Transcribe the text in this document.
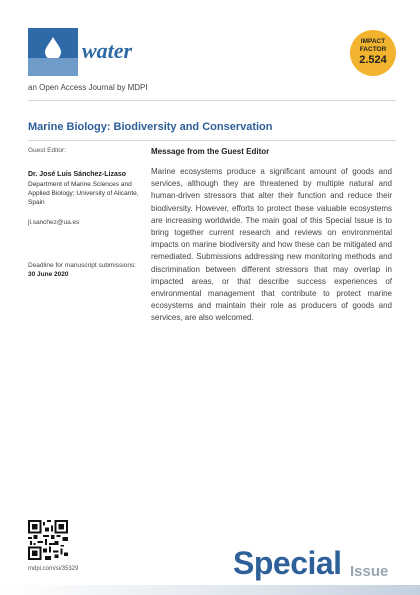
water	IMPACT
FACTOR
2.524
an Open Access Journal by MDPI
Marine Biology: Biodiversity and Conservation
Guest Editor:
Dr. José Luis Sánchez-Lizaso
Department of Marine Sciences and Applied Biology; University of Alicante, Spain
jl.sanchez@ua.es
Deadline for manuscript submissions:
30 June 2020
Message from the Guest Editor
Marine ecosystems produce a significant amount of goods and services, although they are threatened by multiple natural and human-driven stressors that alter their function and reduce their biodiversity. However, efforts to protect these valuable ecosystems are increasing worldwide. The main goal of this Special Issue is to bring together current research and reviews on environmental impacts on marine biodiversity and how these can be mitigated and remediated. Submissions addressing new monitoring methods and discrimination between different stressors that may overlap in impacted areas, or that describe success experiences of environmental management that contribute to protect marine ecosystems and maintain their role as producers of goods and services, are also welcomed.
mdpi.com/si/35329	Special Issue
